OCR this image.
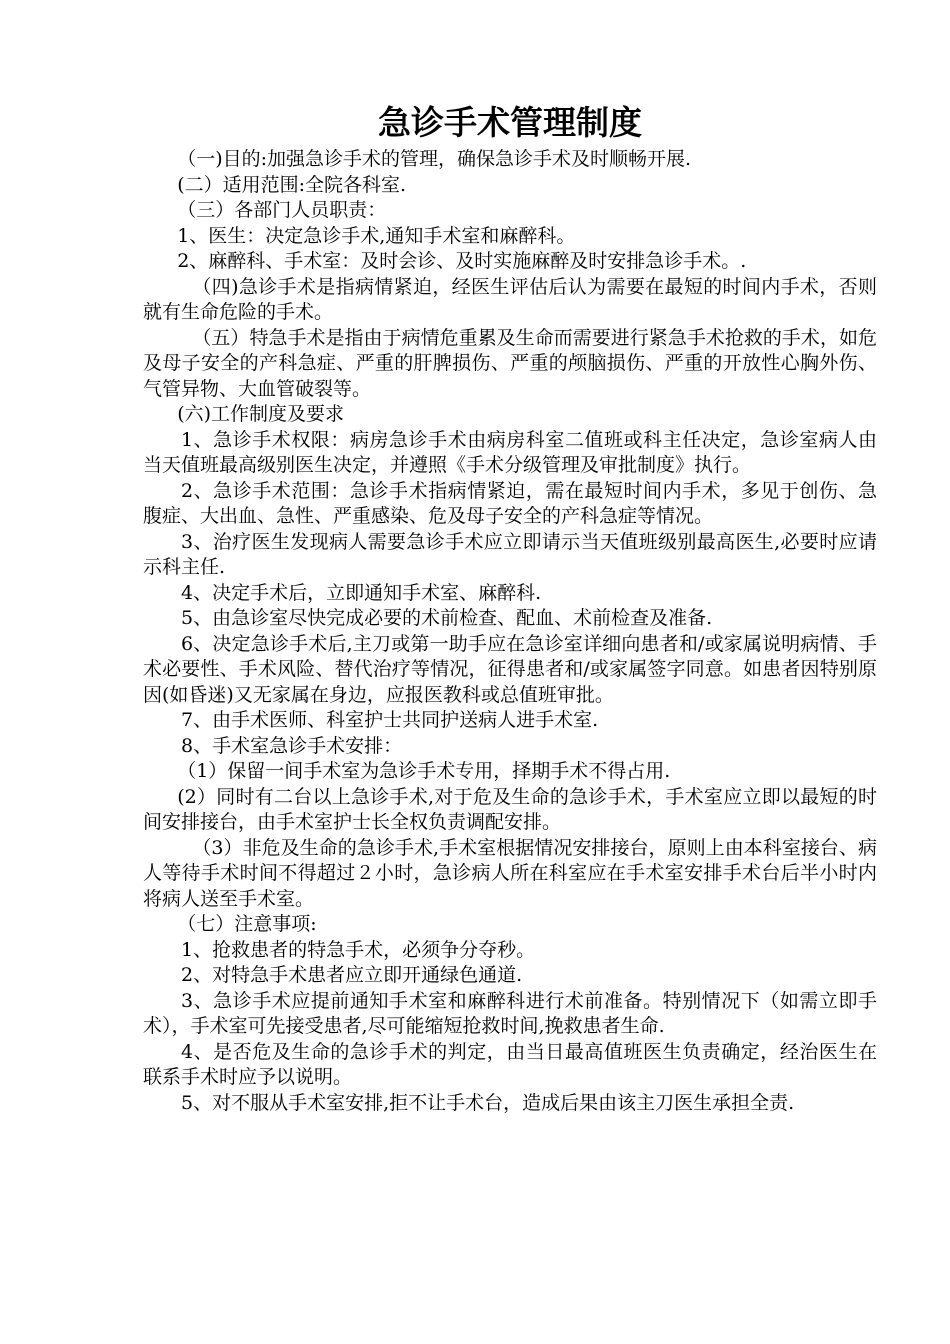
急诊手术管理制度

（一)目的:加强急诊手术的管理，确保急诊手术及时顺畅开展.

(二）适用范围:全院各科室.

（三）各部门人员职责：

1、医生：决定急诊手术,通知手术室和麻醉科。

2、麻醉科、手术室：及时会诊、及时实施麻醉及时安排急诊手术。.

（四)急诊手术是指病情紧迫，经医生评估后认为需要在最短的时间内手术，否则就有生命危险的手术。

（五）特急手术是指由于病情危重累及生命而需要进行紧急手术抢救的手术，如危及母子安全的产科急症、严重的肝脾损伤、严重的颅脑损伤、严重的开放性心胸外伤、气管异物、大血管破裂等。

(六)工作制度及要求

1、急诊手术权限：病房急诊手术由病房科室二值班或科主任决定，急诊室病人由当天值班最高级别医生决定，并遵照《手术分级管理及审批制度》执行。

2、急诊手术范围：急诊手术指病情紧迫，需在最短时间内手术，多见于创伤、急腹症、大出血、急性、严重感染、危及母子安全的产科急症等情况。

3、治疗医生发现病人需要急诊手术应立即请示当天值班级别最高医生,必要时应请示科主任.

4、决定手术后，立即通知手术室、麻醉科.

5、由急诊室尽快完成必要的术前检查、配血、术前检查及准备.

6、决定急诊手术后,主刀或第一助手应在急诊室详细向患者和/或家属说明病情、手术必要性、手术风险、替代治疗等情况，征得患者和/或家属签字同意。如患者因特别原因(如昏迷)又无家属在身边，应报医教科或总值班审批。

7、由手术医师、科室护士共同护送病人进手术室.

8、手术室急诊手术安排：

（1）保留一间手术室为急诊手术专用，择期手术不得占用.

(2）同时有二台以上急诊手术,对于危及生命的急诊手术，手术室应立即以最短的时间安排接台，由手术室护士长全权负责调配安排。

（3）非危及生命的急诊手术,手术室根据情况安排接台，原则上由本科室接台、病人等待手术时间不得超过２小时，急诊病人所在科室应在手术室安排手术台后半小时内将病人送至手术室。

（七）注意事项:

1、抢救患者的特急手术，必须争分夺秒。

2、对特急手术患者应立即开通绿色通道.

3、急诊手术应提前通知手术室和麻醉科进行术前准备。特别情况下（如需立即手术），手术室可先接受患者,尽可能缩短抢救时间,挽救患者生命.

4、是否危及生命的急诊手术的判定，由当日最高值班医生负责确定，经治医生在联系手术时应予以说明。

5、对不服从手术室安排,拒不让手术台，造成后果由该主刀医生承担全责.
